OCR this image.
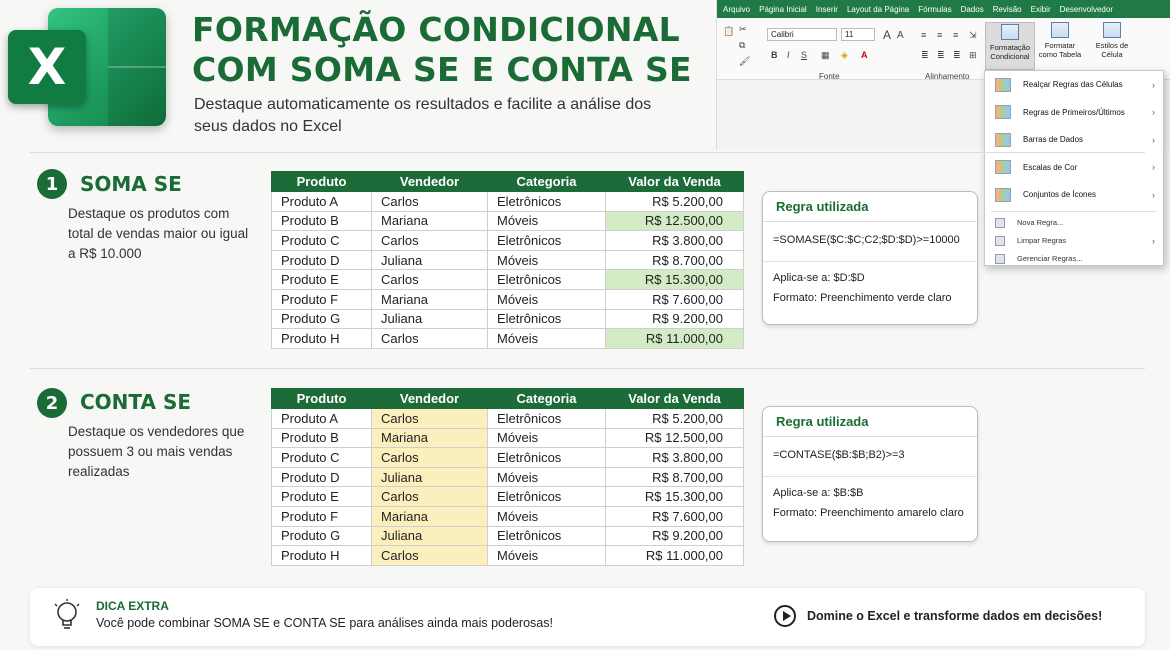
X
FORMAÇÃO CONDICIONAL
COM SOMA SE E CONTA SE
Destaque automaticamente os resultados e facilite a análise dos seus dados no Excel
Arquivo Página Inicial Inserir Layout da Página Fórmulas Dados Revisão Exibir Desenvolvedor
📋 ✂
⧉
🖌
Calibri	11
B I S ▦ ◈ A
A A ≡ ≡ ≡ ⇲
≣ ≣ ≣ ⊞
Formatação Condicional
Formatar como Tabela
Estilos de Célula
Fonte	Alinhamento
Realçar Regras das Células	›
Regras de Primeiros/Últimos	›
Barras de Dados	›
Escalas de Cor	›
Conjuntos de Ícones	›
Nova Regra...
Limpar Regras	›
Gerenciar Regras...
1	SOMA SE
Destaque os produtos com total de vendas maior ou igual a R$ 10.000
Produto	Vendedor	Categoria	Valor da Venda
Produto A	Carlos	Eletrônicos	R$ 5.200,00
Produto B	Mariana	Móveis	R$ 12.500,00
Produto C	Carlos	Eletrônicos	R$ 3.800,00
Produto D	Juliana	Móveis	R$ 8.700,00
Produto E	Carlos	Eletrônicos	R$ 15.300,00
Produto F	Mariana	Móveis	R$ 7.600,00
Produto G	Juliana	Eletrônicos	R$ 9.200,00
Produto H	Carlos	Móveis	R$ 11.000,00
Regra utilizada
=SOMASE($C:$C;C2;$D:$D)>=10000
Aplica-se a: $D:$D
Formato: Preenchimento verde claro
2	CONTA SE
Destaque os vendedores que possuem 3 ou mais vendas realizadas
Produto	Vendedor	Categoria	Valor da Venda
Produto A	Carlos	Eletrônicos	R$ 5.200,00
Produto B	Mariana	Móveis	R$ 12.500,00
Produto C	Carlos	Eletrônicos	R$ 3.800,00
Produto D	Juliana	Móveis	R$ 8.700,00
Produto E	Carlos	Eletrônicos	R$ 15.300,00
Produto F	Mariana	Móveis	R$ 7.600,00
Produto G	Juliana	Eletrônicos	R$ 9.200,00
Produto H	Carlos	Móveis	R$ 11.000,00
Regra utilizada
=CONTASE($B:$B;B2)>=3
Aplica-se a: $B:$B
Formato: Preenchimento amarelo claro
DICA EXTRA
Você pode combinar SOMA SE e CONTA SE para análises ainda mais poderosas!	Domine o Excel e transforme dados em decisões!
